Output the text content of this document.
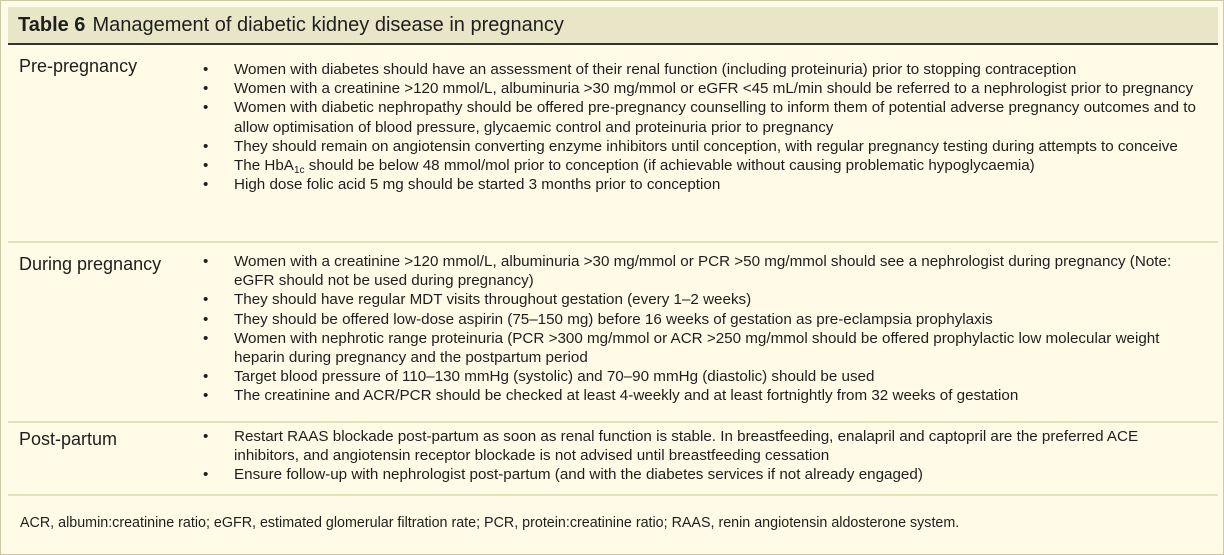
Table 6 Management of diabetic kidney disease in pregnancy
Pre-pregnancy	• Women with diabetes should have an assessment of their renal function (including proteinuria) prior to stopping contraception
• Women with a creatinine >120 mmol/L, albuminuria >30 mg/mmol or eGFR <45 mL/min should be referred to a nephrologist prior to pregnancy
• Women with diabetic nephropathy should be offered pre-pregnancy counselling to inform them of potential adverse pregnancy outcomes and to allow optimisation of blood pressure, glycaemic control and proteinuria prior to pregnancy
• They should remain on angiotensin converting enzyme inhibitors until conception, with regular pregnancy testing during attempts to conceive
• The HbA$_{1c}$ should be below 48 mmol/mol prior to conception (if achievable without causing problematic hypoglycaemia)
• High dose folic acid 5 mg should be started 3 months prior to conception
During pregnancy	• Women with a creatinine >120 mmol/L, albuminuria >30 mg/mmol or PCR >50 mg/mmol should see a nephrologist during pregnancy (Note: eGFR should not be used during pregnancy)
• They should have regular MDT visits throughout gestation (every 1–2 weeks)
• They should be offered low-dose aspirin (75–150 mg) before 16 weeks of gestation as pre-eclampsia prophylaxis
• Women with nephrotic range proteinuria (PCR >300 mg/mmol or ACR >250 mg/mmol should be offered prophylactic low molecular weight heparin during pregnancy and the postpartum period
• Target blood pressure of 110–130 mmHg (systolic) and 70–90 mmHg (diastolic) should be used
• The creatinine and ACR/PCR should be checked at least 4-weekly and at least fortnightly from 32 weeks of gestation
Post-partum	• Restart RAAS blockade post-partum as soon as renal function is stable. In breastfeeding, enalapril and captopril are the preferred ACE inhibitors, and angiotensin receptor blockade is not advised until breastfeeding cessation
• Ensure follow-up with nephrologist post-partum (and with the diabetes services if not already engaged)
ACR, albumin:creatinine ratio; eGFR, estimated glomerular filtration rate; PCR, protein:creatinine ratio; RAAS, renin angiotensin aldosterone system.
